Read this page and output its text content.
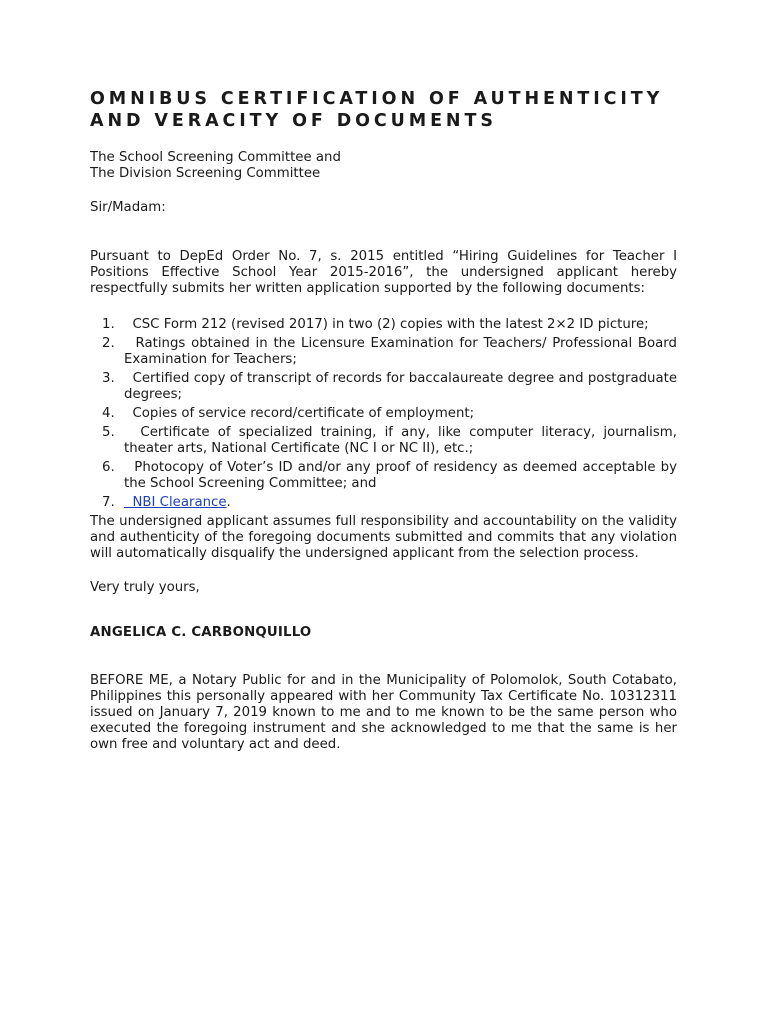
OMNIBUS CERTIFICATION OF AUTHENTICITY
AND VERACITY OF DOCUMENTS
The School Screening Committee and
The Division Screening Committee
Sir/Madam:
Pursuant to DepEd Order No. 7, s. 2015 entitled “Hiring Guidelines for Teacher I Positions Effective School Year 2015-2016”, the undersigned applicant hereby respectfully submits her written application supported by the following documents:
1. CSC Form 212 (revised 2017) in two (2) copies with the latest 2×2 ID picture;
2. Ratings obtained in the Licensure Examination for Teachers/ Professional Board Examination for Teachers;
3. Certified copy of transcript of records for baccalaureate degree and postgraduate degrees;
4. Copies of service record/certificate of employment;
5. Certificate of specialized training, if any, like computer literacy, journalism, theater arts, National Certificate (NC I or NC II), etc.;
6. Photocopy of Voter’s ID and/or any proof of residency as deemed acceptable by the School Screening Committee; and
7. NBI Clearance.
The undersigned applicant assumes full responsibility and accountability on the validity and authenticity of the foregoing documents submitted and commits that any violation will automatically disqualify the undersigned applicant from the selection process.
Very truly yours,
ANGELICA C. CARBONQUILLO
BEFORE ME, a Notary Public for and in the Municipality of Polomolok, South Cotabato, Philippines this personally appeared with her Community Tax Certificate No. 10312311 issued on January 7, 2019 known to me and to me known to be the same person who executed the foregoing instrument and she acknowledged to me that the same is her own free and voluntary act and deed.
